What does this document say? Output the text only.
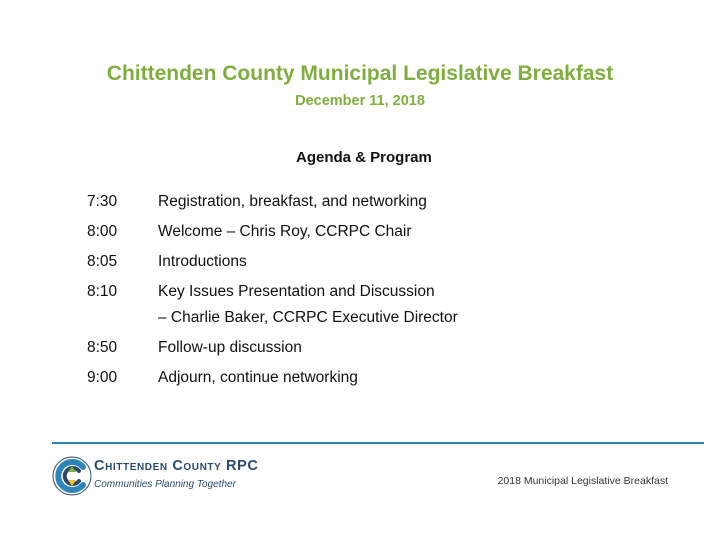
Chittenden County Municipal Legislative Breakfast
December 11, 2018
Agenda & Program
7:30	Registration, breakfast, and networking
8:00	Welcome – Chris Roy, CCRPC Chair
8:05	Introductions
8:10	Key Issues Presentation and Discussion
– Charlie Baker, CCRPC Executive Director
8:50	Follow-up discussion
9:00	Adjourn, continue networking
Chittenden County RPC
Communities Planning Together	2018 Municipal Legislative Breakfast
